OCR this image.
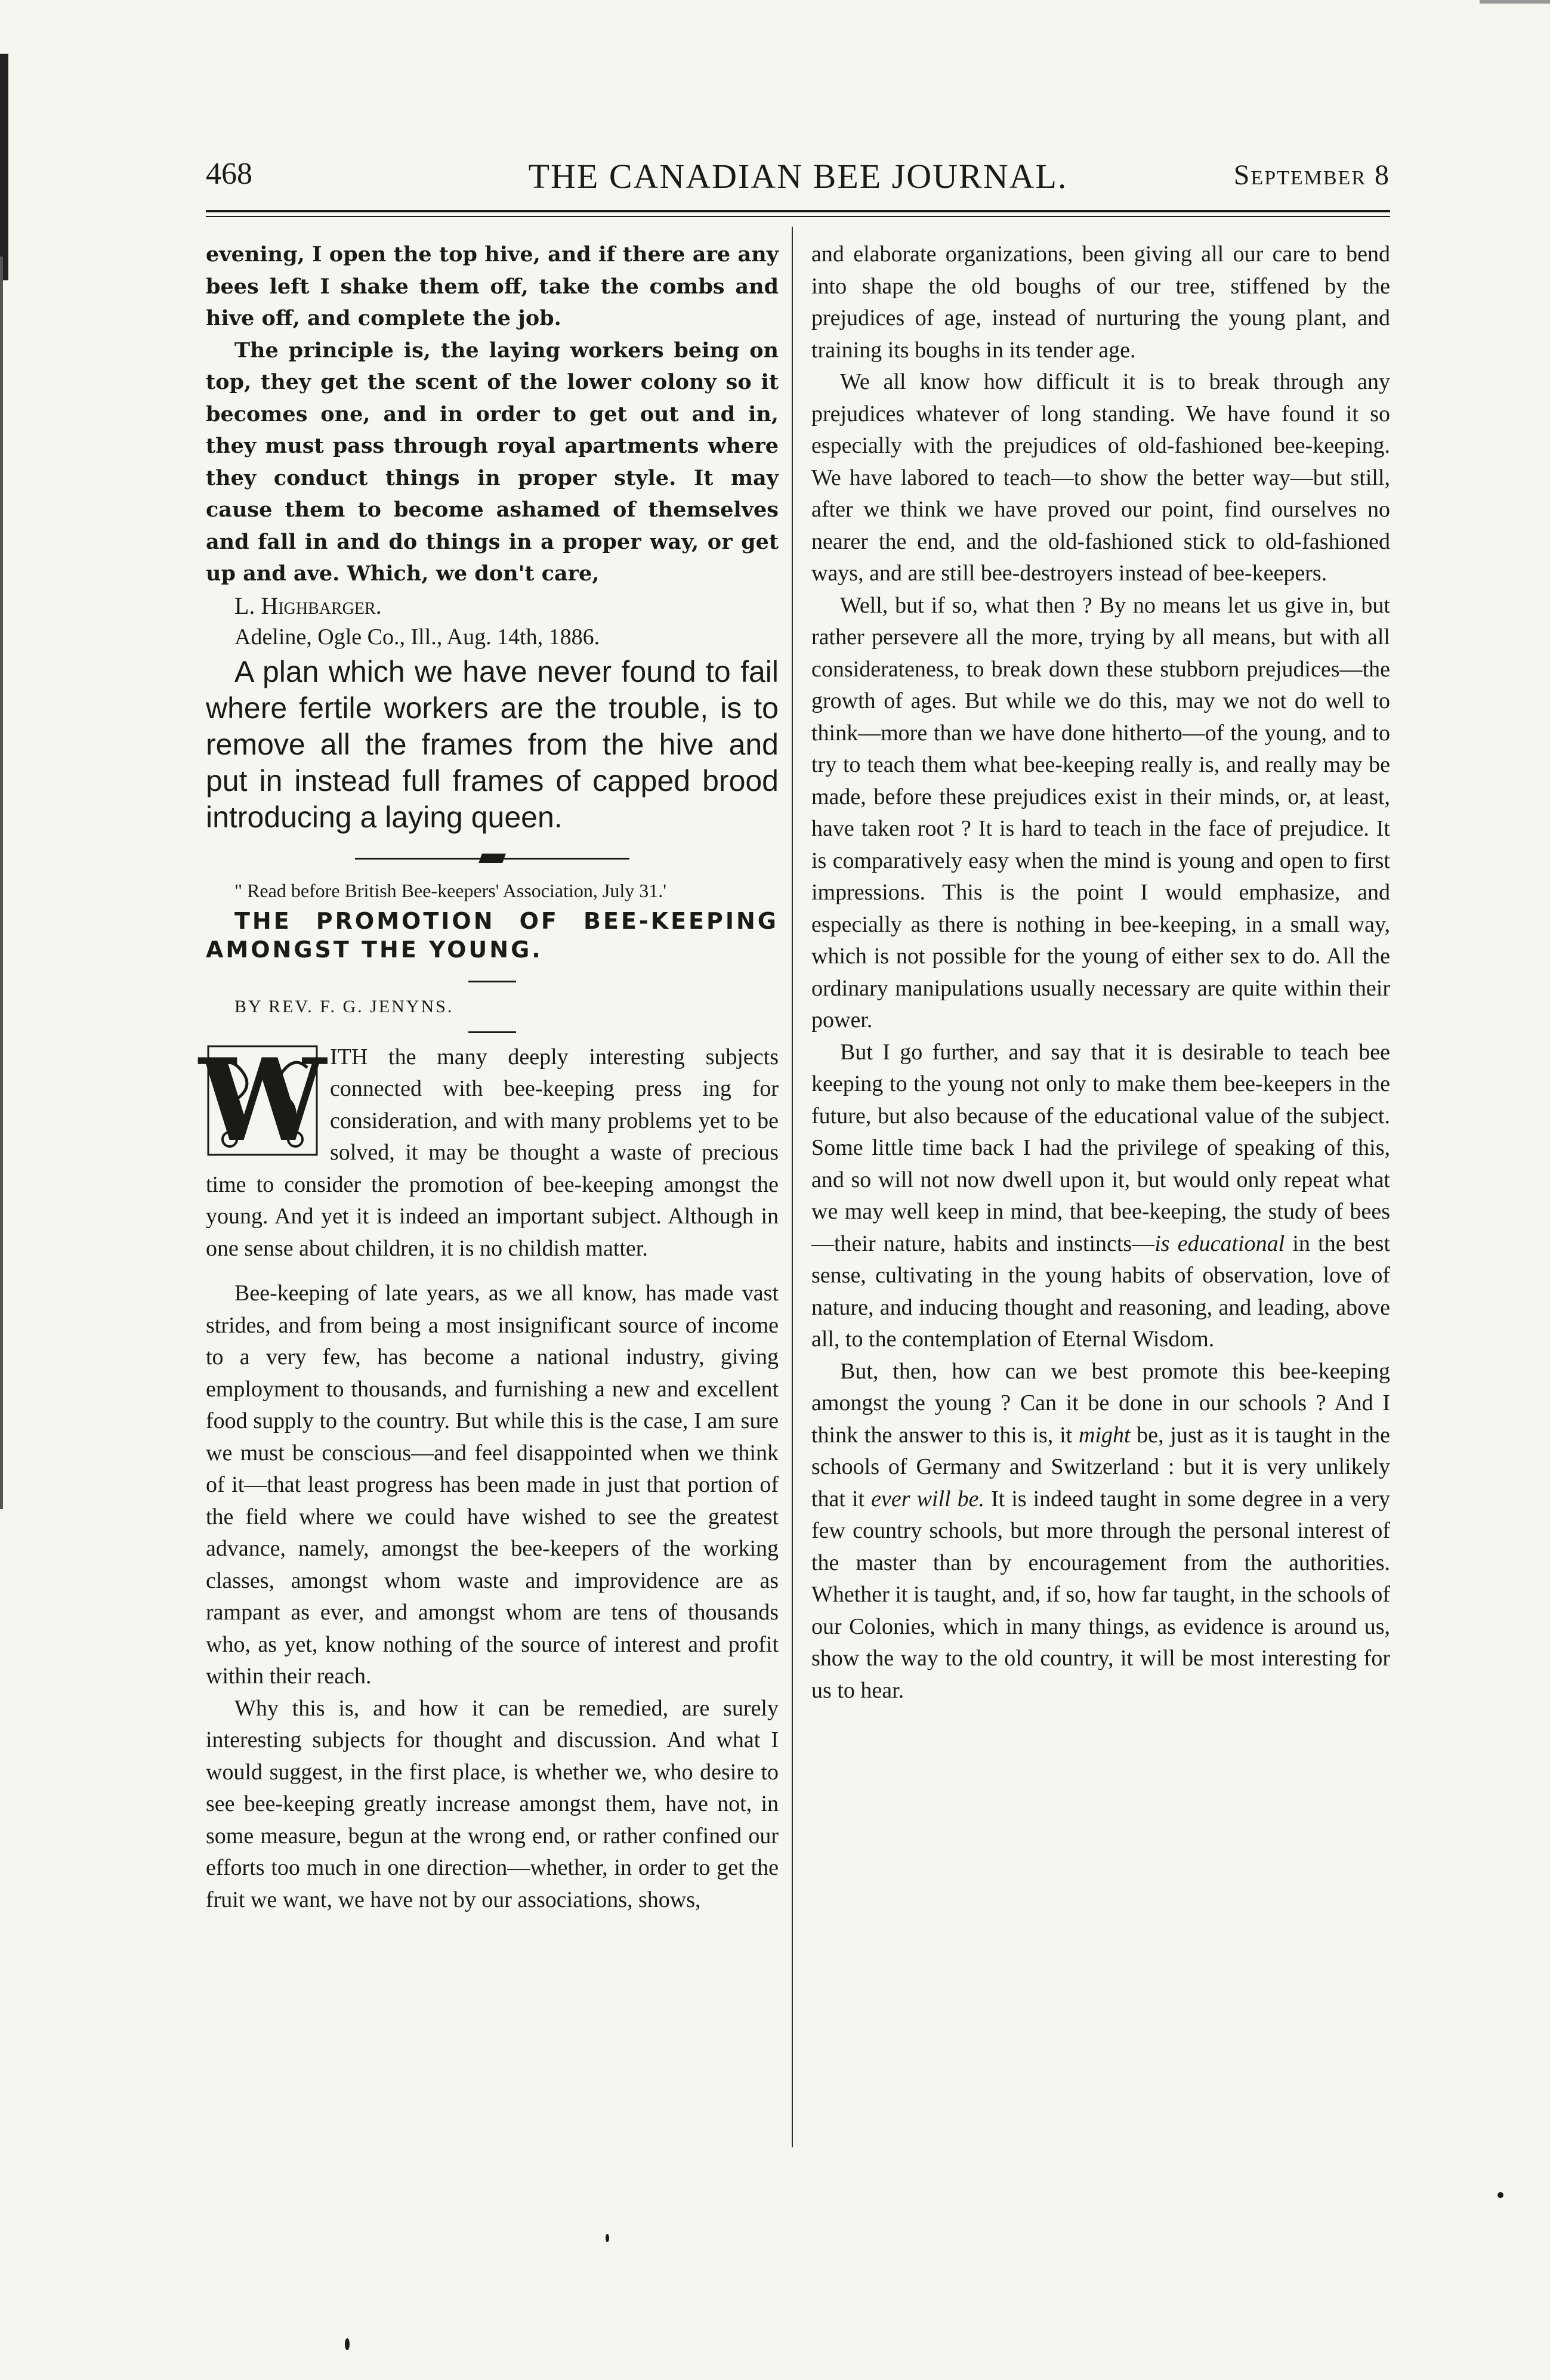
468	THE CANADIAN BEE JOURNAL.	September 8

evening, I open the top hive, and if there are any bees left I shake them off, take the combs and hive off, and complete the job.

The principle is, the laying workers being on top, they get the scent of the lower colony so it becomes one, and in order to get out and in, they must pass through royal apartments where they conduct things in proper style. It may cause them to become ashamed of themselves and fall in and do things in a proper way, or get up and ave. Which, we don't care,

L. Highbarger.

Adeline, Ogle Co., Ill., Aug. 14th, 1886.

A plan which we have never found to fail where fertile workers are the trouble, is to remove all the frames from the hive and put in instead full frames of capped brood introducing a laying queen.

" Read before British Bee-keepers' Association, July 31.'

THE PROMOTION OF BEE-KEEPING AMONGST THE YOUNG.

BY REV. F. G. JENYNS.

W ITH the many deeply interesting subjects connected with bee-keeping press ing for consideration, and with many problems yet to be solved, it may be thought a waste of precious time to consider the promotion of bee-keeping amongst the young. And yet it is indeed an important subject. Although in one sense about children, it is no childish matter.

Bee-keeping of late years, as we all know, has made vast strides, and from being a most insignificant source of income to a very few, has become a national industry, giving employment to thousands, and furnishing a new and excellent food supply to the country. But while this is the case, I am sure we must be conscious—and feel disappointed when we think of it—that least progress has been made in just that portion of the field where we could have wished to see the greatest advance, namely, amongst the bee-keepers of the working classes, amongst whom waste and improvidence are as rampant as ever, and amongst whom are tens of thousands who, as yet, know nothing of the source of interest and profit within their reach.

Why this is, and how it can be remedied, are surely interesting subjects for thought and discussion. And what I would suggest, in the first place, is whether we, who desire to see bee-keeping greatly increase amongst them, have not, in some measure, begun at the wrong end, or rather confined our efforts too much in one direction—whether, in order to get the fruit we want, we have not by our associations, shows,

and elaborate organizations, been giving all our care to bend into shape the old boughs of our tree, stiffened by the prejudices of age, instead of nurturing the young plant, and training its boughs in its tender age.

We all know how difficult it is to break through any prejudices whatever of long standing. We have found it so especially with the prejudices of old-fashioned bee-keeping. We have labored to teach—to show the better way—but still, after we think we have proved our point, find ourselves no nearer the end, and the old-fashioned stick to old-fashioned ways, and are still bee-destroyers instead of bee-keepers.

Well, but if so, what then ? By no means let us give in, but rather persevere all the more, trying by all means, but with all considerateness, to break down these stubborn prejudices—the growth of ages. But while we do this, may we not do well to think—more than we have done hitherto—of the young, and to try to teach them what bee-keeping really is, and really may be made, before these prejudices exist in their minds, or, at least, have taken root ? It is hard to teach in the face of prejudice. It is comparatively easy when the mind is young and open to first impressions. This is the point I would emphasize, and especially as there is nothing in bee-keeping, in a small way, which is not possible for the young of either sex to do. All the ordinary manipulations usually necessary are quite within their power.

But I go further, and say that it is desirable to teach bee keeping to the young not only to make them bee-keepers in the future, but also because of the educational value of the subject. Some little time back I had the privilege of speaking of this, and so will not now dwell upon it, but would only repeat what we may well keep in mind, that bee-keeping, the study of bees —their nature, habits and instincts—is educational in the best sense, cultivating in the young habits of observation, love of nature, and inducing thought and reasoning, and leading, above all, to the contemplation of Eternal Wisdom.

But, then, how can we best promote this bee-keeping amongst the young ? Can it be done in our schools ? And I think the answer to this is, it might be, just as it is taught in the schools of Germany and Switzerland : but it is very unlikely that it ever will be. It is indeed taught in some degree in a very few country schools, but more through the personal interest of the master than by encouragement from the authorities. Whether it is taught, and, if so, how far taught, in the schools of our Colonies, which in many things, as evidence is around us, show the way to the old country, it will be most interesting for us to hear.
